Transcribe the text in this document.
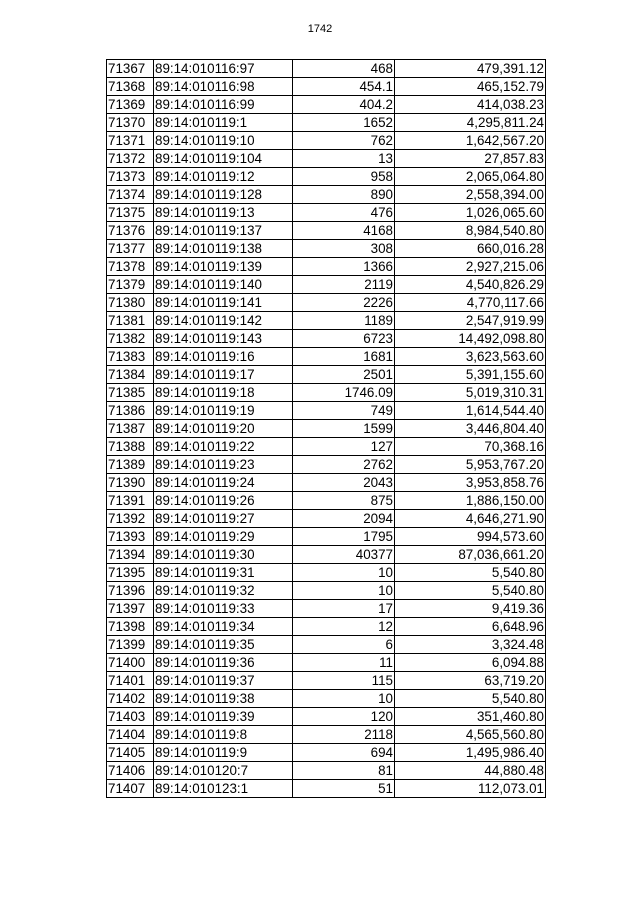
1742
71367	89:14:010116:97	468	479,391.12
71368	89:14:010116:98	454.1	465,152.79
71369	89:14:010116:99	404.2	414,038.23
71370	89:14:010119:1	1652	4,295,811.24
71371	89:14:010119:10	762	1,642,567.20
71372	89:14:010119:104	13	27,857.83
71373	89:14:010119:12	958	2,065,064.80
71374	89:14:010119:128	890	2,558,394.00
71375	89:14:010119:13	476	1,026,065.60
71376	89:14:010119:137	4168	8,984,540.80
71377	89:14:010119:138	308	660,016.28
71378	89:14:010119:139	1366	2,927,215.06
71379	89:14:010119:140	2119	4,540,826.29
71380	89:14:010119:141	2226	4,770,117.66
71381	89:14:010119:142	1189	2,547,919.99
71382	89:14:010119:143	6723	14,492,098.80
71383	89:14:010119:16	1681	3,623,563.60
71384	89:14:010119:17	2501	5,391,155.60
71385	89:14:010119:18	1746.09	5,019,310.31
71386	89:14:010119:19	749	1,614,544.40
71387	89:14:010119:20	1599	3,446,804.40
71388	89:14:010119:22	127	70,368.16
71389	89:14:010119:23	2762	5,953,767.20
71390	89:14:010119:24	2043	3,953,858.76
71391	89:14:010119:26	875	1,886,150.00
71392	89:14:010119:27	2094	4,646,271.90
71393	89:14:010119:29	1795	994,573.60
71394	89:14:010119:30	40377	87,036,661.20
71395	89:14:010119:31	10	5,540.80
71396	89:14:010119:32	10	5,540.80
71397	89:14:010119:33	17	9,419.36
71398	89:14:010119:34	12	6,648.96
71399	89:14:010119:35	6	3,324.48
71400	89:14:010119:36	11	6,094.88
71401	89:14:010119:37	115	63,719.20
71402	89:14:010119:38	10	5,540.80
71403	89:14:010119:39	120	351,460.80
71404	89:14:010119:8	2118	4,565,560.80
71405	89:14:010119:9	694	1,495,986.40
71406	89:14:010120:7	81	44,880.48
71407	89:14:010123:1	51	112,073.01
